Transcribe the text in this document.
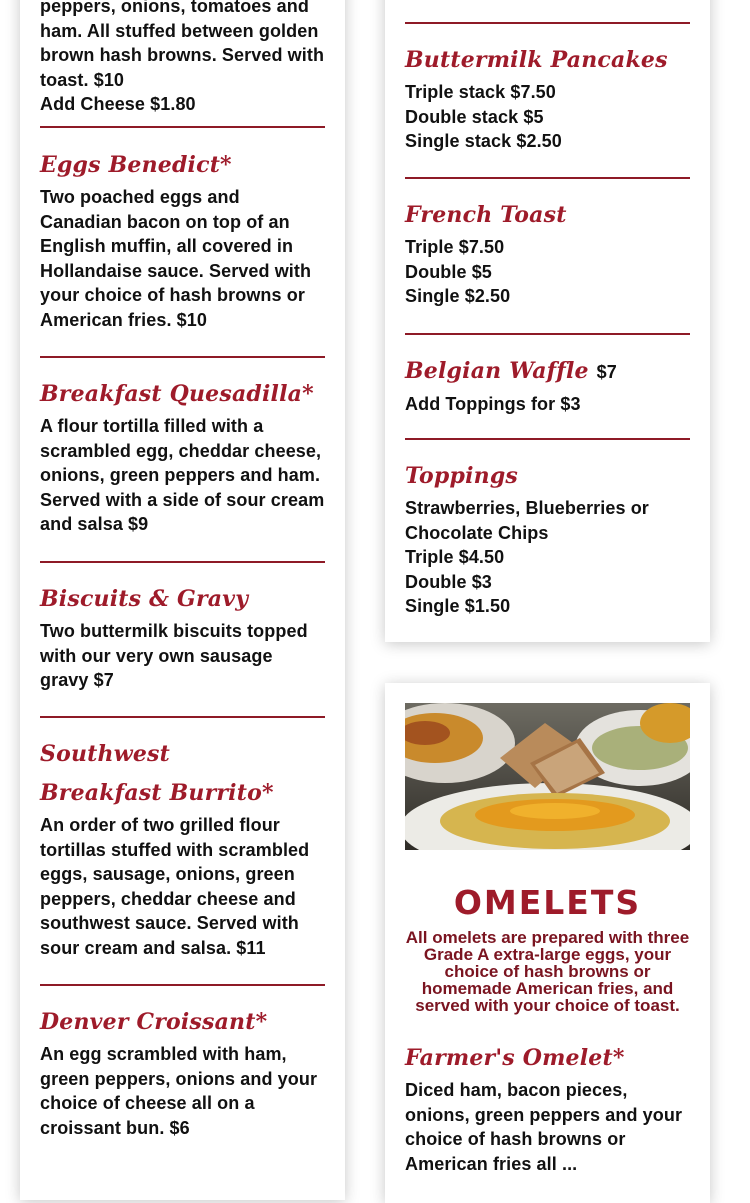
peppers, onions, tomatoes and ham. All stuffed between golden brown hash browns. Served with toast. $10

Add Cheese $1.80

Eggs Benedict*

Two poached eggs and Canadian bacon on top of an English muffin, all covered in Hollandaise sauce. Served with your choice of hash browns or American fries. $10

Breakfast Quesadilla*

A flour tortilla filled with a scrambled egg, cheddar cheese, onions, green peppers and ham. Served with a side of sour cream and salsa $9

Biscuits & Gravy

Two buttermilk biscuits topped with our very own sausage gravy $7

Southwest Breakfast Burrito*

An order of two grilled flour tortillas stuffed with scrambled eggs, sausage, onions, green peppers, cheddar cheese and southwest sauce. Served with sour cream and salsa. $11

Denver Croissant*

An egg scrambled with ham, green peppers, onions and your choice of cheese all on a croissant bun. $6

Buttermilk Pancakes

Triple stack $7.50

Double stack $5

Single stack $2.50

French Toast

Triple $7.50

Double $5

Single $2.50

Belgian Waffle $7

Add Toppings for $3

Toppings

Strawberries, Blueberries or Chocolate Chips

Triple $4.50

Double $3

Single $1.50

OMELETS
All omelets are prepared with three Grade A extra-large eggs, your choice of hash browns or homemade American fries, and served with your choice of toast.
Farmer's Omelet*

Diced ham, bacon pieces, onions, green peppers and your choice of hash browns or American fries all ...
